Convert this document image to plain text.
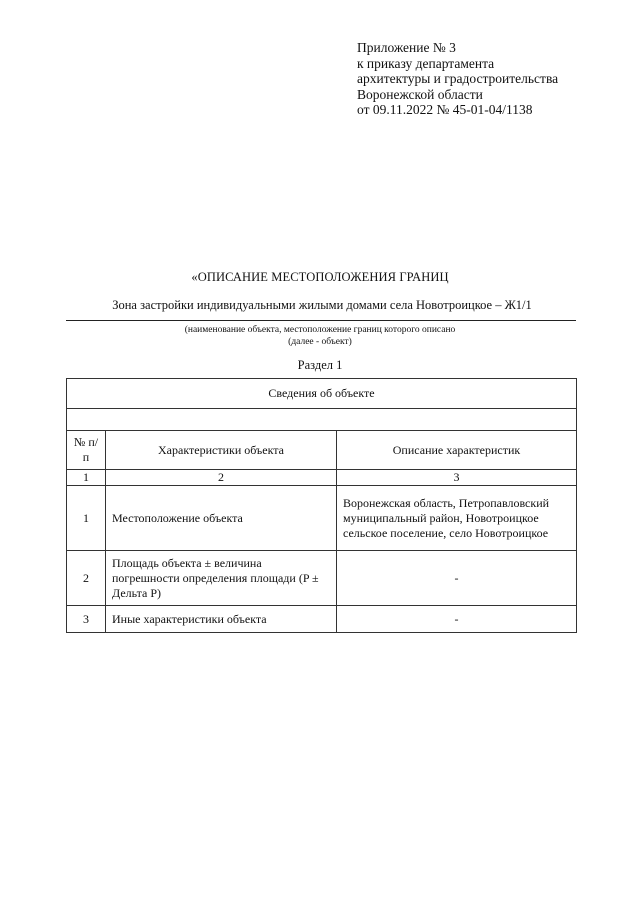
Приложение № 3
к приказу департамента
архитектуры и градостроительства
Воронежской области
от 09.11.2022 № 45-01-04/1138
«ОПИСАНИЕ МЕСТОПОЛОЖЕНИЯ ГРАНИЦ
Зона застройки индивидуальными жилыми домами села Новотроицкое – Ж1/1
(наименование объекта, местоположение границ которого описано
(далее - объект)
Раздел 1
Сведения об объекте		

№ п/п	Характеристики объекта	Описание характеристик
1	2	3
1	Местоположение объекта	Воронежская область, Петропавловский муниципальный район, Новотроицкое сельское поселение, село Новотроицкое
2	Площадь объекта ± величина погрешности определения площади (P ± Дельта P)	-
3	Иные характеристики объекта	-
